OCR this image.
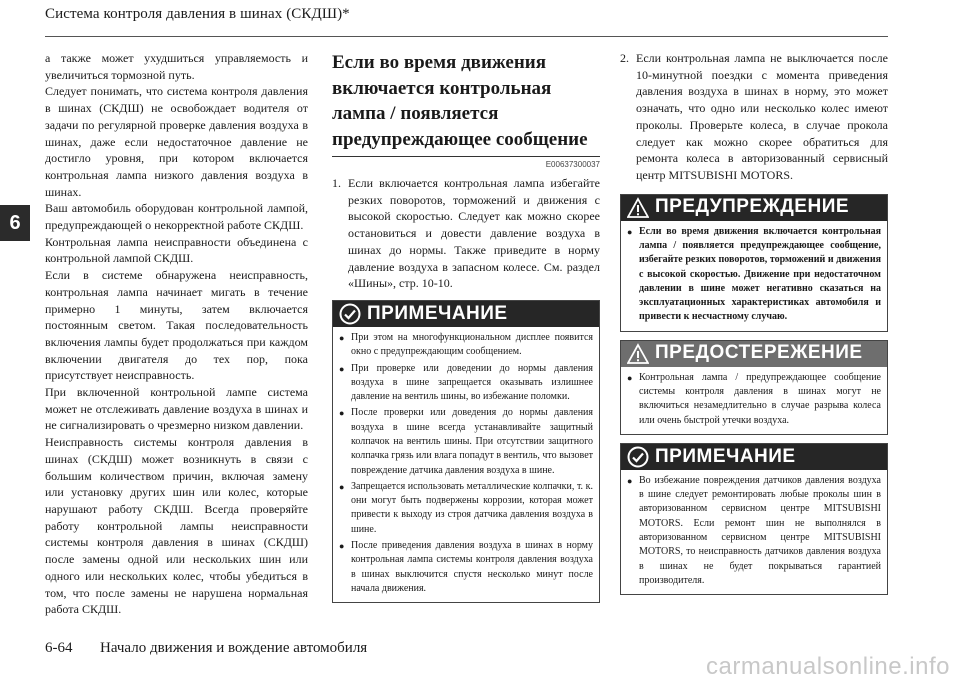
Система контроля давления в шинах (СКДШ)*
6

а также может ухудшиться управляемость и увеличиться тормозной путь.

Следует понимать, что система контроля давления в шинах (СКДШ) не освобождает водителя от задачи по регулярной проверке давления воздуха в шинах, даже если недостаточное давление не достигло уровня, при котором включается контрольная лампа низкого давления воздуха в шинах.

Ваш автомобиль оборудован контрольной лампой, предупреждающей о некорректной работе СКДШ.

Контрольная лампа неисправности объединена с контрольной лампой СКДШ.

Если в системе обнаружена неисправность, контрольная лампа начинает мигать в течение примерно 1 минуты, затем включается постоянным светом. Такая последовательность включения лампы будет продолжаться при каждом включении двигателя до тех пор, пока присутствует неисправность.

При включенной контрольной лампе система может не отслеживать давление воздуха в шинах и не сигнализировать о чрезмерно низком давлении.

Неисправность системы контроля давления в шинах (СКДШ) может возникнуть в связи с большим количеством причин, включая замену или установку других шин или колес, которые нарушают работу СКДШ. Всегда проверяйте работу контрольной лампы неисправности системы контроля давления в шинах (СКДШ) после замены одной или нескольких шин или одного или нескольких колес, чтобы убедиться в том, что после замены не нарушена нормальная работа СКДШ.

Если во время движения включается контрольная лампа / появляется предупреждающее сообщение
E00637300037
1. Если включается контрольная лампа избегайте резких поворотов, торможений и движения с высокой скоростью. Следует как можно скорее остановиться и довести давление воздуха в шинах до нормы. Также приведите в норму давление воздуха в запасном колесе. См. раздел «Шины», стр. 10-10.
ПРИМЕЧАНИЕ
● При этом на многофункциональном дисплее появится окно с предупреждающим сообщением.
● При проверке или доведении до нормы давления воздуха в шине запрещается оказывать излишнее давление на вентиль шины, во избежание поломки.
● После проверки или доведения до нормы давления воздуха в шине всегда устанавливайте защитный колпачок на вентиль шины. При отсутствии защитного колпачка грязь или влага попадут в вентиль, что вызовет повреждение датчика давления воздуха в шине.
● Запрещается использовать металлические колпачки, т. к. они могут быть подвержены коррозии, которая может привести к выходу из строя датчика давления воздуха в шине.
● После приведения давления воздуха в шинах в норму контрольная лампа системы контроля давления воздуха в шинах выключится спустя несколько минут после начала движения.
2. Если контрольная лампа не выключается после 10-минутной поездки с момента приведения давления воздуха в шинах в норму, это может означать, что одно или несколько колес имеют проколы. Проверьте колеса, в случае прокола следует как можно скорее обратиться для ремонта колеса в авторизованный сервисный центр MITSUBISHI MOTORS.
ПРЕДУПРЕЖДЕНИЕ
● Если во время движения включается контрольная лампа / появляется предупреждающее сообщение, избегайте резких поворотов, торможений и движения с высокой скоростью. Движение при недостаточном давлении в шине может негативно сказаться на эксплуатационных характеристиках автомобиля и привести к несчастному случаю.
ПРЕДОСТЕРЕЖЕНИЕ
● Контрольная лампа / предупреждающее сообщение системы контроля давления в шинах могут не включиться незамедлительно в случае разрыва колеса или очень быстрой утечки воздуха.
ПРИМЕЧАНИЕ
● Во избежание повреждения датчиков давления воздуха в шине следует ремонтировать любые проколы шин в авторизованном сервисном центре MITSUBISHI MOTORS. Если ремонт шин не выполнялся в авторизованном сервисном центре MITSUBISHI MOTORS, то неисправность датчиков давления воздуха в шинах не будет покрываться гарантией производителя.
6-64 Начало движения и вождение автомобиля
carmanualsonline.info
